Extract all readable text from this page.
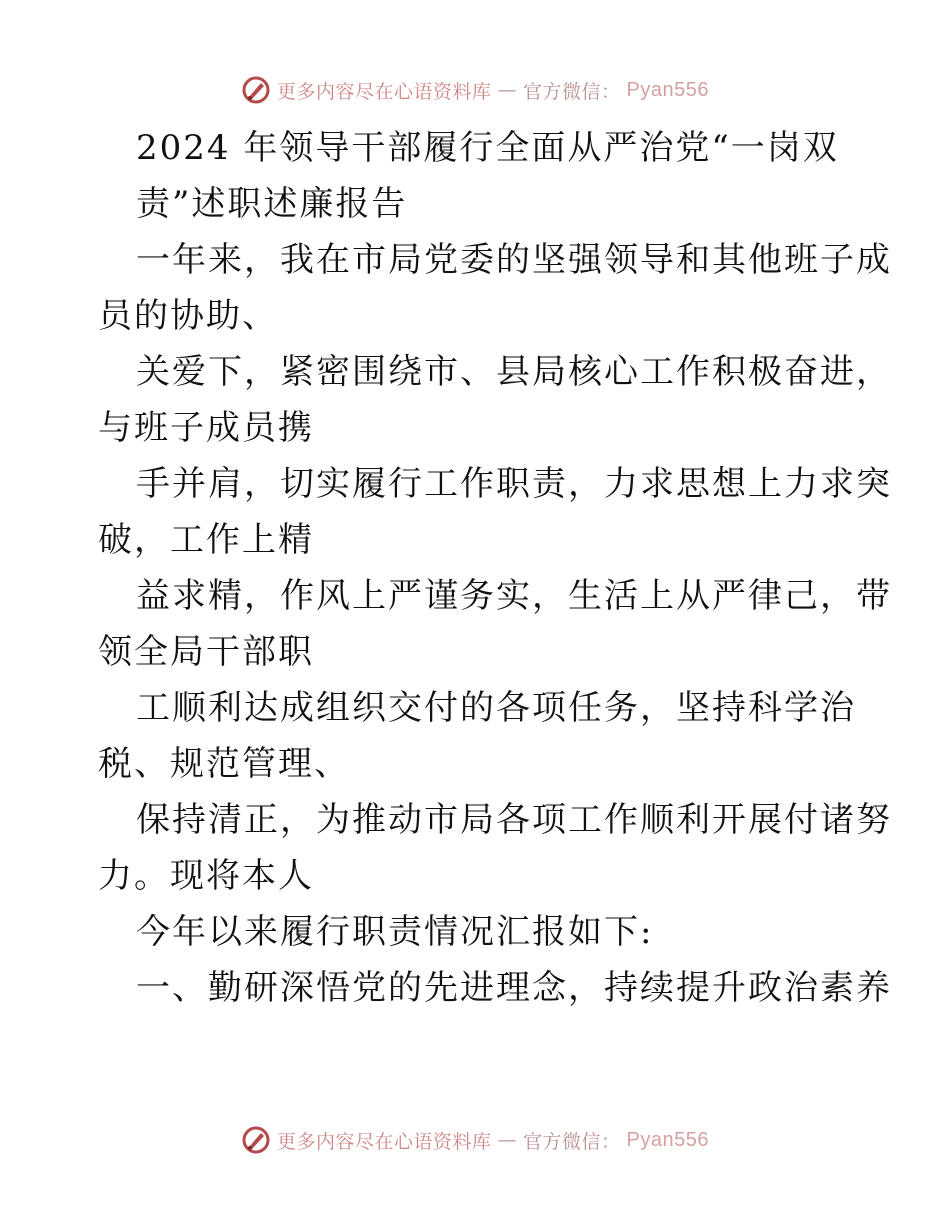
更多内容尽在心语资料库 — 官方微信： Pyan556
2024 年领导干部履行全面从严治党“一岗双
责”述职述廉报告
一年来，我在市局党委的坚强领导和其他班子成
员的协助、
关爱下，紧密围绕市、县局核心工作积极奋进，
与班子成员携
手并肩，切实履行工作职责，力求思想上力求突
破，工作上精
益求精，作风上严谨务实，生活上从严律己，带
领全局干部职
工顺利达成组织交付的各项任务，坚持科学治
税、规范管理、
保持清正，为推动市局各项工作顺利开展付诸努
力。现将本人
今年以来履行职责情况汇报如下:
一、勤研深悟党的先进理念，持续提升政治素养
更多内容尽在心语资料库 — 官方微信： Pyan556
